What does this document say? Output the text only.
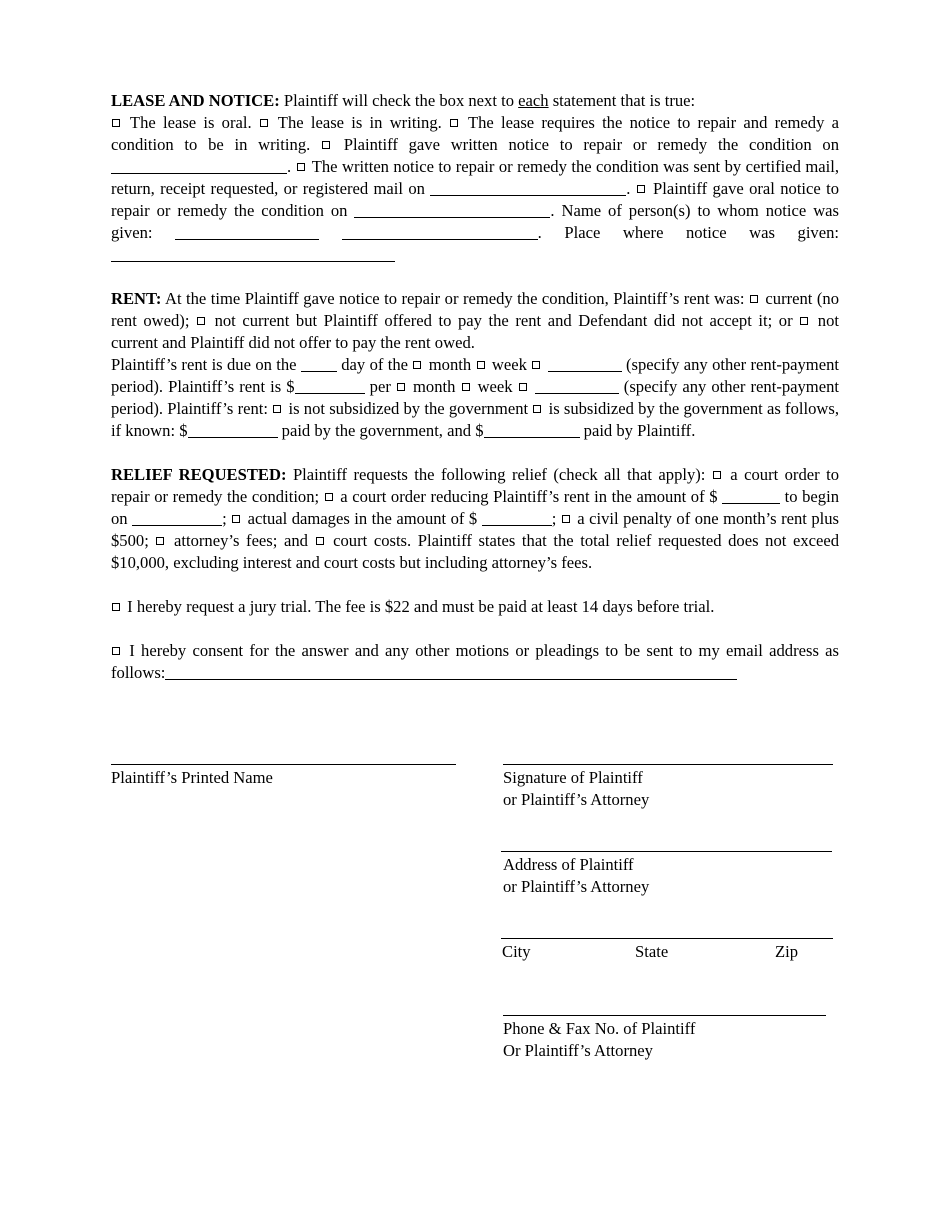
LEASE AND NOTICE: Plaintiff will check the box next to each statement that is true:
The lease is oral.  The lease is in writing.  The lease requires the notice to repair and remedy a condition to be in writing.  Plaintiff gave written notice to repair or remedy the condition on .  The written notice to repair or remedy the condition was sent by certified mail, return, receipt requested, or registered mail on	.  Plaintiff gave oral notice to repair or remedy the condition on	. Name of person(s) to whom notice was given:	. Place where notice was given:

RENT: At the time Plaintiff gave notice to repair or remedy the condition, Plaintiff’s rent was:  current (no rent owed);  not current but Plaintiff offered to pay the rent and Defendant did not accept it; or  not current and Plaintiff did not offer to pay the rent owed.
Plaintiff’s rent is due on the  day of the  month  week	(specify any other rent-payment period). Plaintiff’s rent is $	per  month  week	(specify any other rent-payment period). Plaintiff’s rent:  is not subsidized by the government  is subsidized by the government as follows, if known: $	paid by the government, and $	paid by Plaintiff.

RELIEF REQUESTED: Plaintiff requests the following relief (check all that apply):  a court order to repair or remedy the condition;  a court order reducing Plaintiff’s rent in the amount of $	to begin on	;  actual damages in the amount of $	;  a civil penalty of one month’s rent plus $500;  attorney’s fees; and  court costs. Plaintiff states that the total relief requested does not exceed $10,000, excluding interest and court costs but including attorney’s fees.

I hereby request a jury trial. The fee is $22 and must be paid at least 14 days before trial.

I hereby consent for the answer and any other motions or pleadings to be sent to my email address as follows:

Plaintiff’s Printed Name	Signature of Plaintiff
or Plaintiff’s Attorney
Address of Plaintiff
or Plaintiff’s Attorney
City	State	Zip
Phone & Fax No. of Plaintiff
Or Plaintiff’s Attorney
